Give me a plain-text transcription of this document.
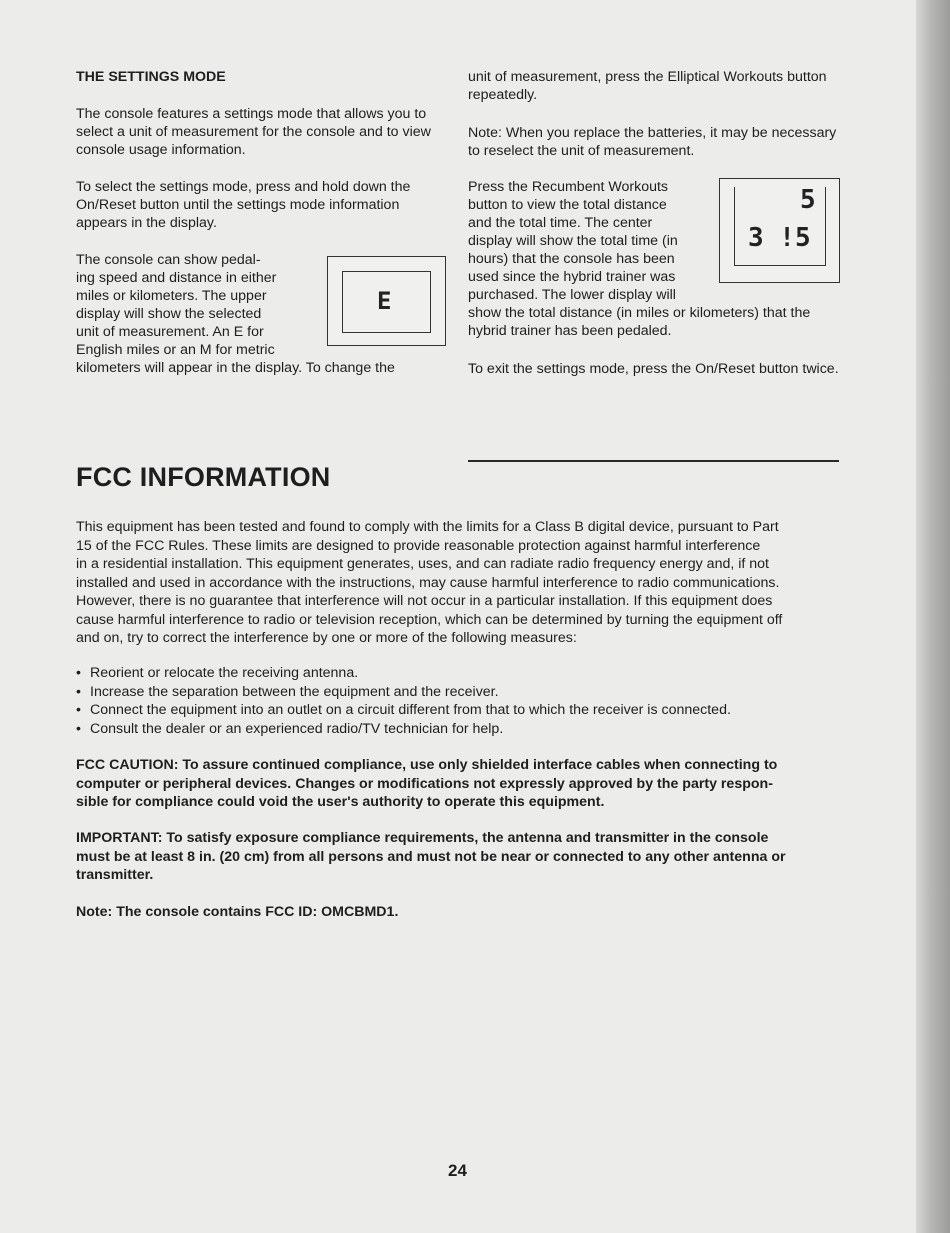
THE SETTINGS MODE

The console features a settings mode that allows you to select a unit of measurement for the console and to view console usage information.

To select the settings mode, press and hold down the On/Reset button until the settings mode information appears in the display.

The console can show pedal-
ing speed and distance in either
miles or kilometers. The upper
display will show the selected
unit of measurement. An E for
English miles or an M for metric
kilometers will appear in the display. To change the
E

unit of measurement, press the Elliptical Workouts button repeatedly.

Note: When you replace the batteries, it may be necessary to reselect the unit of measurement.

Press the Recumbent Workouts
button to view the total distance
and the total time. The center
display will show the total time (in
hours) that the console has been
used since the hybrid trainer was
purchased. The lower display will
show the total distance (in miles or kilometers) that the
hybrid trainer has been pedaled.
5
3 !5

To exit the settings mode, press the On/Reset button twice.

FCC INFORMATION
This equipment has been tested and found to comply with the limits for a Class B digital device, pursuant to Part
15 of the FCC Rules. These limits are designed to provide reasonable protection against harmful interference
in a residential installation. This equipment generates, uses, and can radiate radio frequency energy and, if not
installed and used in accordance with the instructions, may cause harmful interference to radio communications.
However, there is no guarantee that interference will not occur in a particular installation. If this equipment does
cause harmful interference to radio or television reception, which can be determined by turning the equipment off
and on, try to correct the interference by one or more of the following measures:
• Reorient or relocate the receiving antenna.
• Increase the separation between the equipment and the receiver.
• Connect the equipment into an outlet on a circuit different from that to which the receiver is connected.
• Consult the dealer or an experienced radio/TV technician for help.
FCC CAUTION: To assure continued compliance, use only shielded interface cables when connecting to
computer or peripheral devices. Changes or modifications not expressly approved by the party respon-
sible for compliance could void the user's authority to operate this equipment.
IMPORTANT: To satisfy exposure compliance requirements, the antenna and transmitter in the console
must be at least 8 in. (20 cm) from all persons and must not be near or connected to any other antenna or
transmitter.

Note: The console contains FCC ID: OMCBMD1.

24
